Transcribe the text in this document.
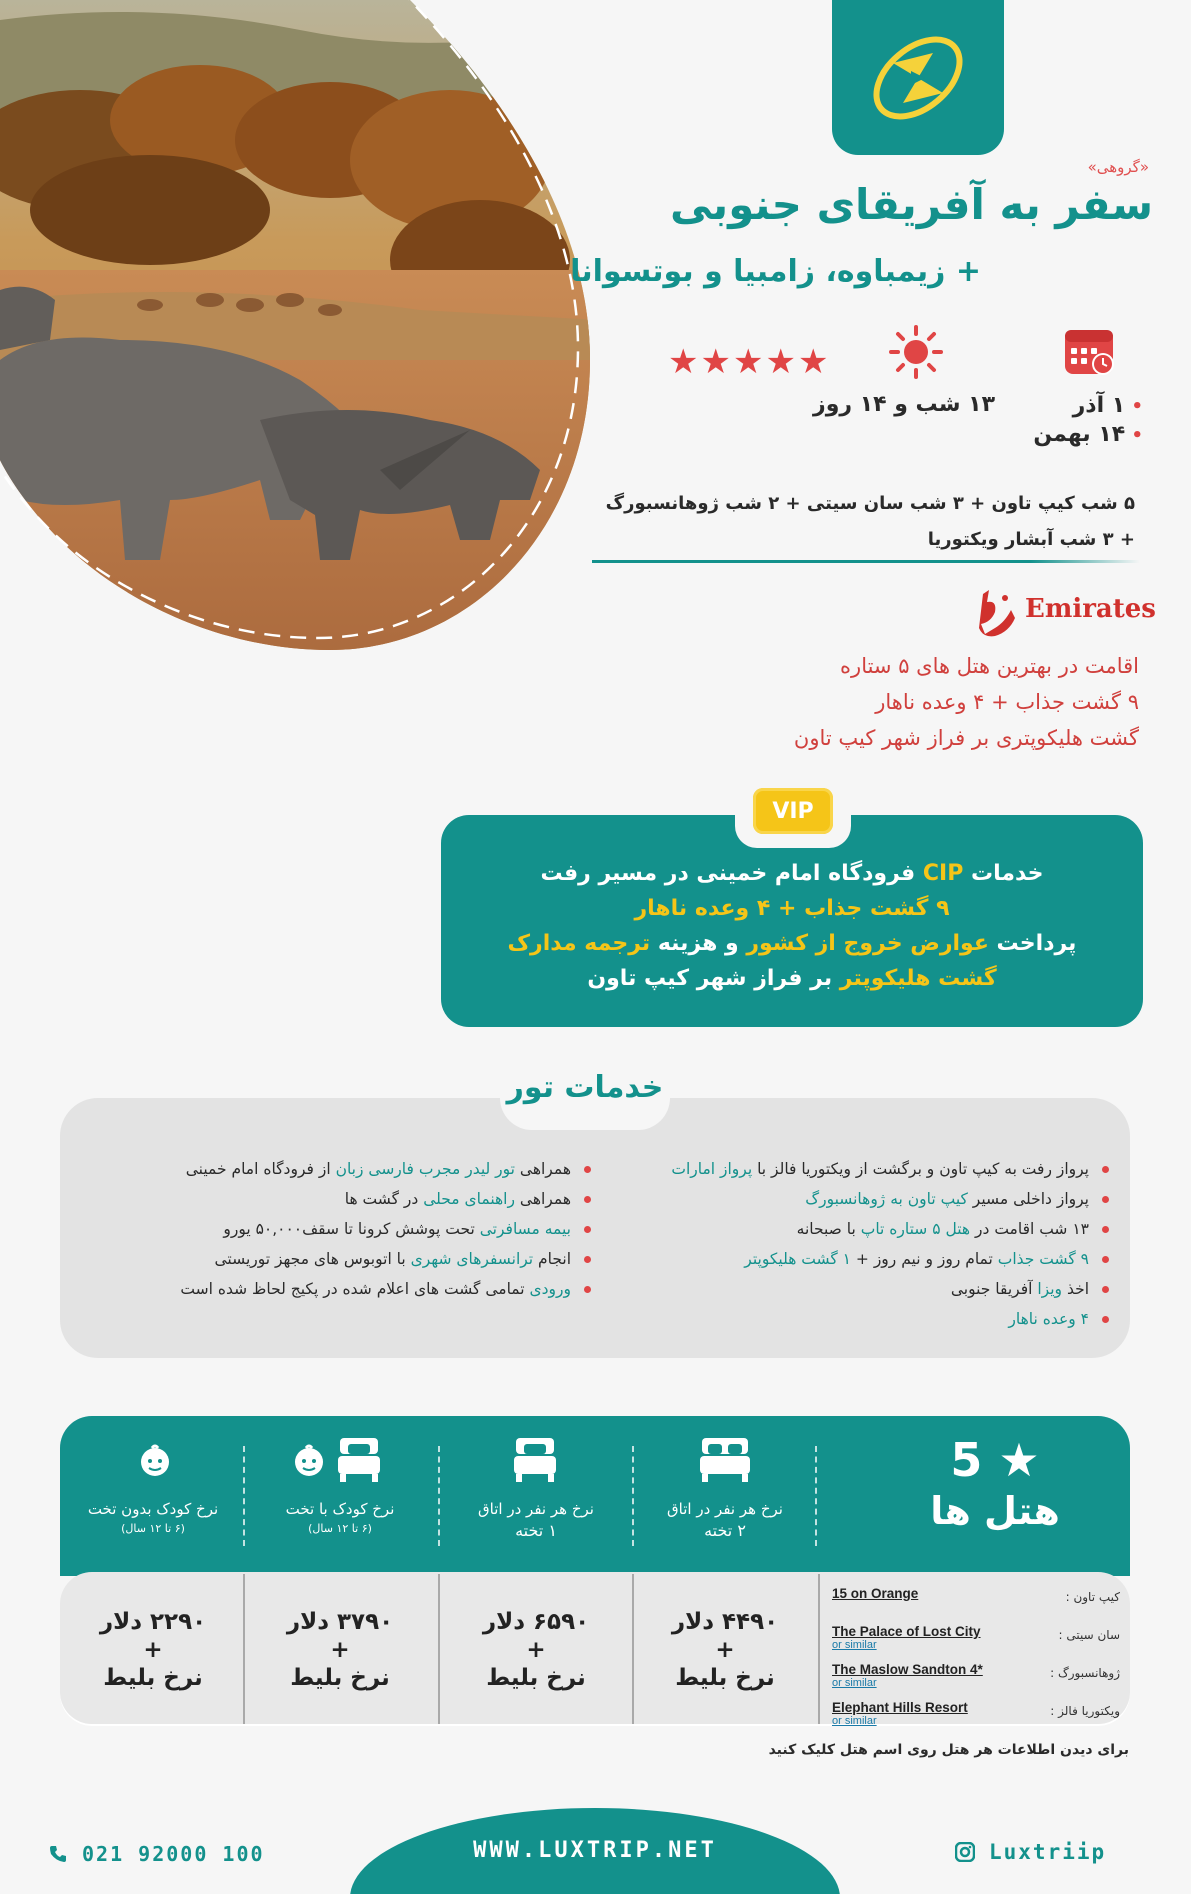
«گروهی»
سفر به آفریقای جنوبی
+ زیمباوه، زامبیا و بوتسوانا
★ ★ ★ ★ ★
۱۳ شب و ۱۴ روز	• ۱ آذر
• ۱۴ بهمن
۵ شب کیپ تاون + ۳ شب سان سیتی + ۲ شب ژوهانسبورگ
+ ۳ شب آبشار ویکتوریا
Emirates
اقامت در بهترین هتل های ۵ ستاره
۹ گشت جذاب + ۴ وعده ناهار
گشت هلیکوپتری بر فراز شهر کیپ تاون
VIP
خدمات CIP فرودگاه امام خمینی در مسیر رفت
۹ گشت جذاب + ۴ وعده ناهار
پرداخت عوارض خروج از کشور و هزینه ترجمه مدارک
گشت هلیکوپتر بر فراز شهر کیپ تاون
خدمات تور
پرواز رفت به کیپ تاون و برگشت از ویکتوریا فالز با پرواز امارات
پرواز داخلی مسیر کیپ تاون به ژوهانسبورگ
۱۳ شب اقامت در هتل ۵ ستاره تاپ با صبحانه
۹ گشت جذاب تمام روز و نیم روز + ۱ گشت هلیکوپتر
اخذ ویزا آفریقا جنوبی
۴ وعده ناهار
همراهی تور لیدر مجرب فارسی زبان از فرودگاه امام خمینی
همراهی راهنمای محلی در گشت ها
بیمه مسافرتی تحت پوشش کرونا تا سقف۵۰,۰۰۰ یورو
انجام ترانسفرهای شهری با اتوبوس های مجهز توریستی
ورودی تمامی گشت های اعلام شده در پکیج لحاظ شده است
5 ★
هتل ها
نرخ هر نفر در اتاق
۲ تخته
نرخ هر نفر در اتاق
۱ تخته
نرخ کودک با تخت
(۶ تا ۱۲ سال)
نرخ کودک بدون تخت
(۶ تا ۱۲ سال)
۴۴۹۰ دلار
+
نرخ بلیط
۶۵۹۰ دلار
+
نرخ بلیط
۳۷۹۰ دلار
+
نرخ بلیط
۲۲۹۰ دلار
+
نرخ بلیط
کیپ تاون :
15 on Orange
سان سیتی :
The Palace of Lost City
or similar
ژوهانسبورگ :
The Maslow Sandton 4*
or similar
ویکتوریا فالز :
Elephant Hills Resort
or similar
برای دیدن اطلاعات هر هتل روی اسم هتل کلیک کنید
WWW.LUXTRIP.NET
021 92000 100	Luxtriip
